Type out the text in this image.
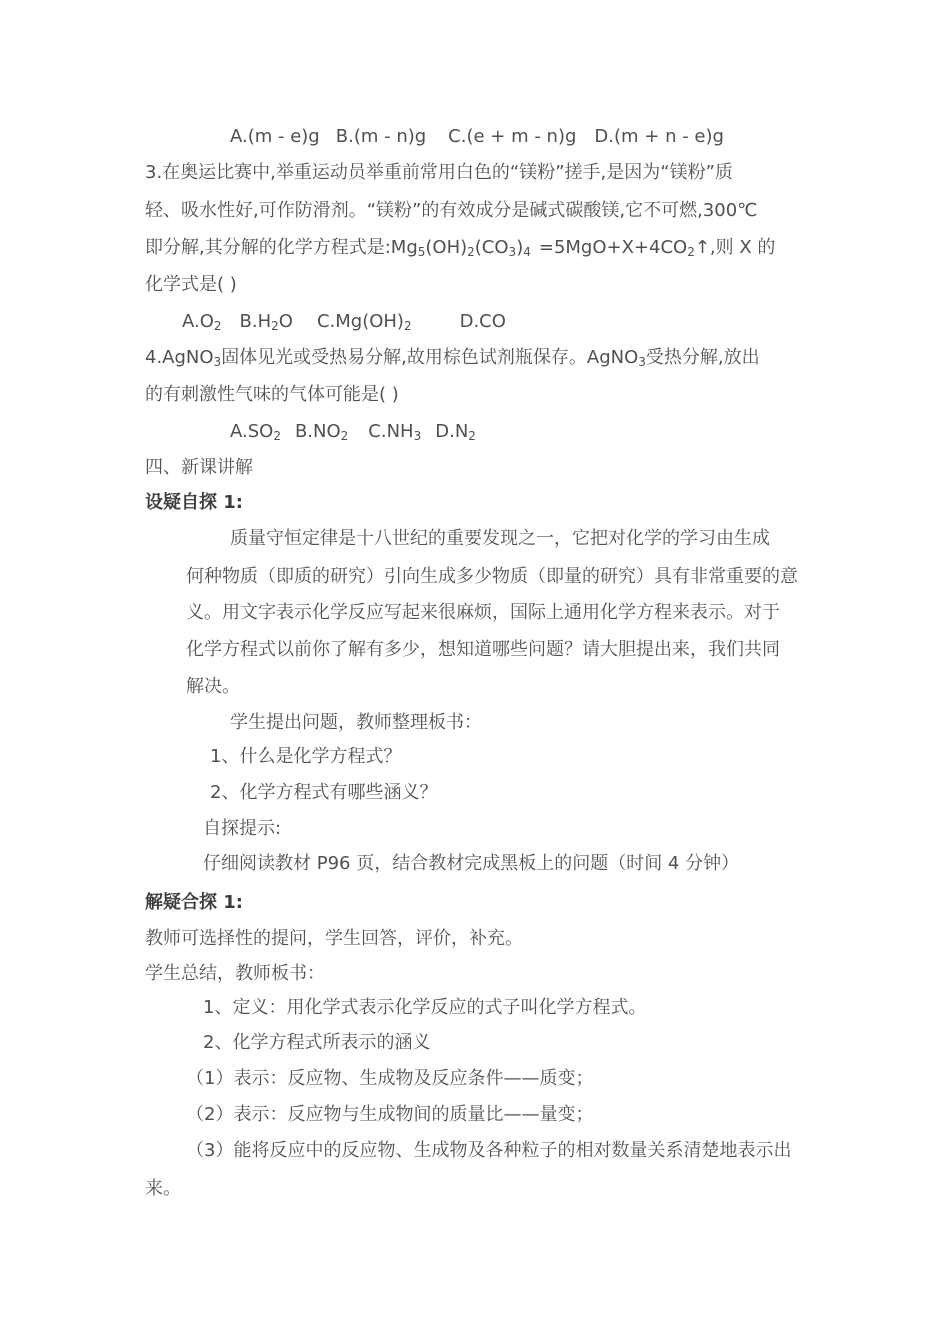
A.(m - e)g B.(m - n)g C.(e + m - n)g D.(m + n - e)g
3.在奥运比赛中,举重运动员举重前常用白色的“镁粉”搓手,是因为“镁粉”质
轻、吸水性好,可作防滑剂。“镁粉”的有效成分是碱式碳酸镁,它不可燃,300℃
即分解,其分解的化学方程式是$:Mg_5(OH)_2(CO_3)_4$ $=5MgO+X+4CO_2↑$,则 X 的
化学式是( )
$A.O_2$ $B.H_2O$ $C.Mg(OH)_2$	D.CO
4.AgNO$_3$固体见光或受热易分解,故用棕色试剂瓶保存。AgNO$_3$受热分解,放出
的有刺激性气味的气体可能是( )
$A.SO_2$ $B.NO_2$ $C.NH_3$ $D.N_2$
四、新课讲解
设疑自探 1:
质量守恒定律是十八世纪的重要发现之一，它把对化学的学习由生成
何种物质（即质的研究）引向生成多少物质（即量的研究）具有非常重要的意
义。用文字表示化学反应写起来很麻烦，国际上通用化学方程来表示。对于
化学方程式以前你了解有多少，想知道哪些问题？请大胆提出来，我们共同
解决。
学生提出问题，教师整理板书：
1、什么是化学方程式？
2、化学方程式有哪些涵义？
自探提示:
仔细阅读教材 P96 页，结合教材完成黑板上的问题（时间 4 分钟）
解疑合探 1:
教师可选择性的提问，学生回答，评价，补充。
学生总结，教师板书：
1、定义：用化学式表示化学反应的式子叫化学方程式。
2、化学方程式所表示的涵义
（1）表示：反应物、生成物及反应条件——质变；
（2）表示：反应物与生成物间的质量比——量变；
（3）能将反应中的反应物、生成物及各种粒子的相对数量关系清楚地表示出
来。
